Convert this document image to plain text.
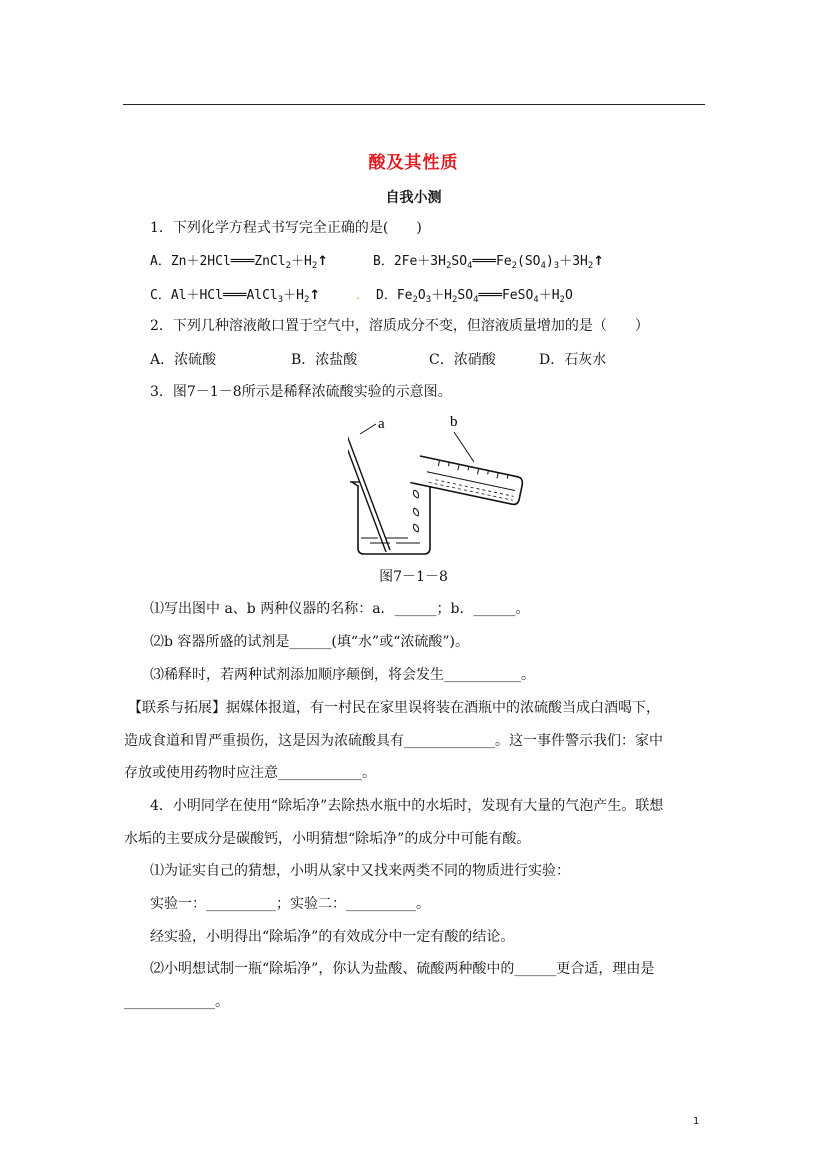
酸及其性质
自我小测
1．下列化学方程式书写完全正确的是(　　)
A．$Zn+2HCl═══ZnCl_2+H_2↑$	B．$2Fe+3H_2SO_4═══Fe_2(SO_4)_3+3H_2↑$
C．$Al+HCl═══AlCl_3+H_2↑$	. D．$Fe_2O_3+H_2SO_4═══FeSO_4+H_2O$
2．下列几种溶液敞口置于空气中，溶质成分不变，但溶液质量增加的是（　　）
A．浓硫酸	B．浓盐酸	C．浓硝酸	D．石灰水
3．图7－1－8所示是稀释浓硫酸实验的示意图。
a	b
图7－1－8
⑴写出图中 a、b 两种仪器的名称：a．______；b．______。
⑵b 容器所盛的试剂是______(填“水”或“浓硫酸”)。
⑶稀释时，若两种试剂添加顺序颠倒，将会发生___________。
【联系与拓展】据媒体报道，有一村民在家里误将装在酒瓶中的浓硫酸当成白酒喝下，
造成食道和胃严重损伤，这是因为浓硫酸具有_____________。这一事件警示我们：家中
存放或使用药物时应注意____________。
4．小明同学在使用“除垢净”去除热水瓶中的水垢时，发现有大量的气泡产生。联想
水垢的主要成分是碳酸钙，小明猜想“除垢净”的成分中可能有酸。
⑴为证实自己的猜想，小明从家中又找来两类不同的物质进行实验：
实验一：__________；实验二：__________。
经实验，小明得出“除垢净”的有效成分中一定有酸的结论。
⑵小明想试制一瓶“除垢净”，你认为盐酸、硫酸两种酸中的______更合适，理由是
_____________。
1
